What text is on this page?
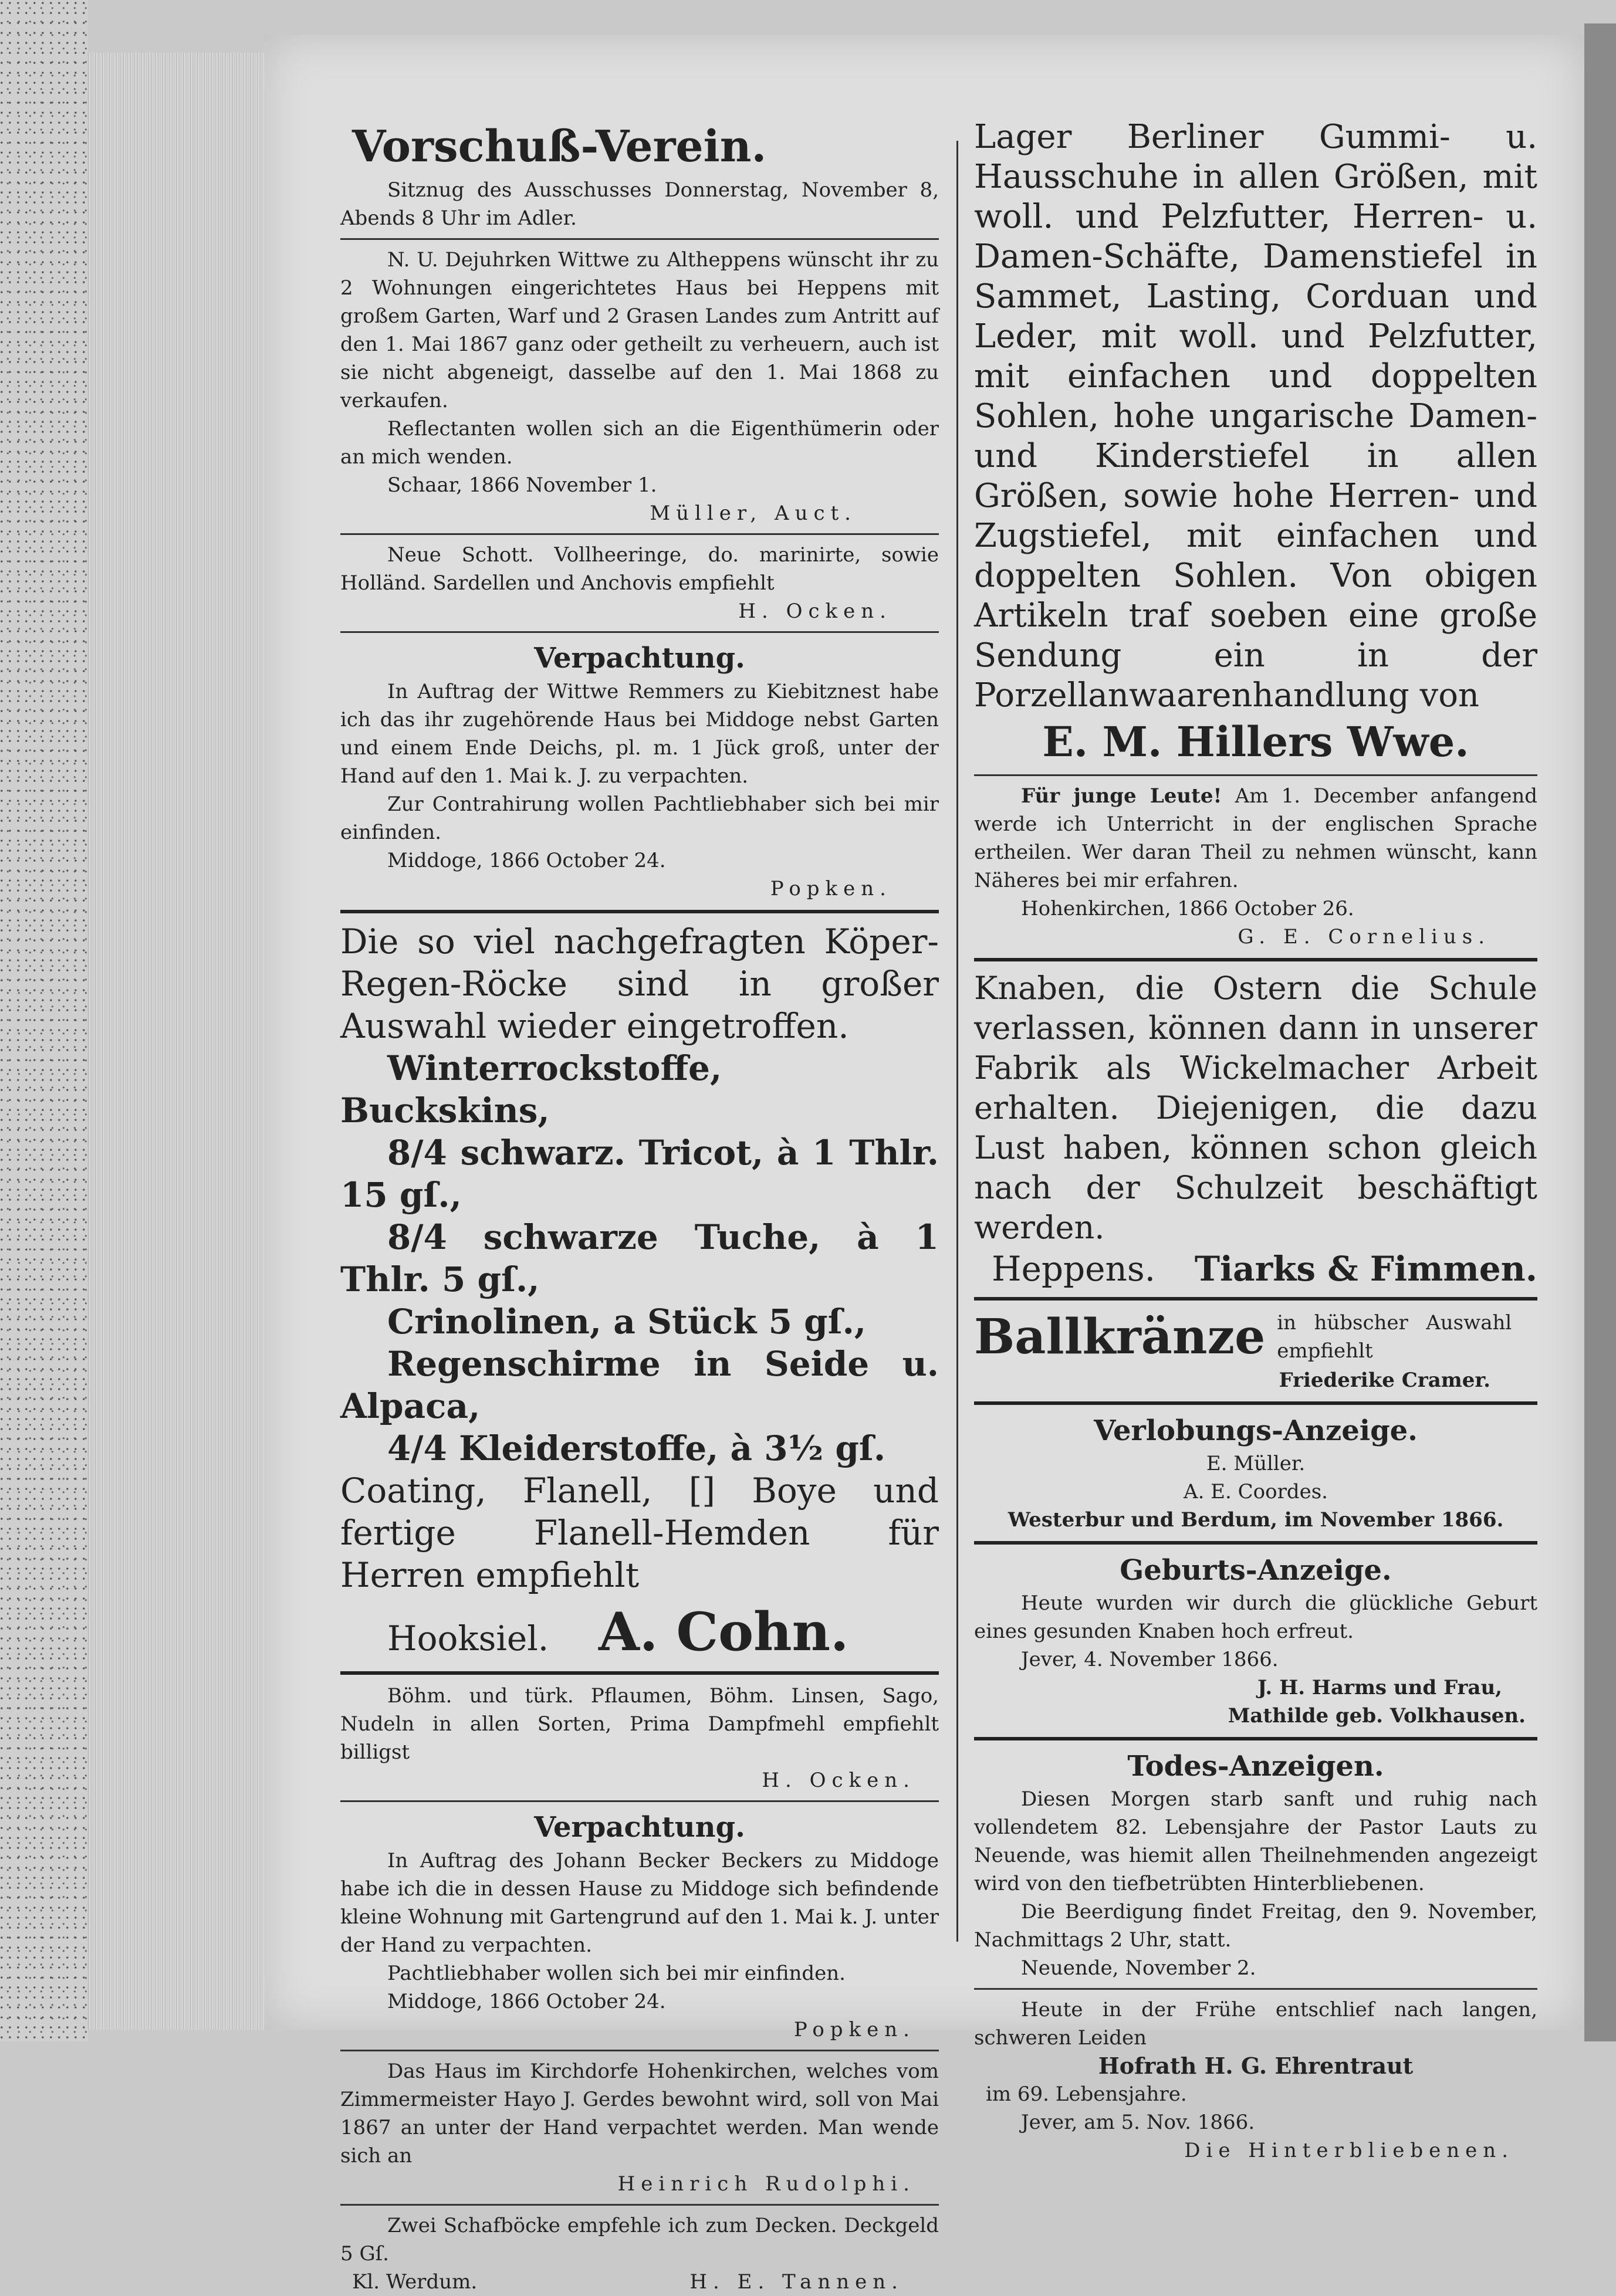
Vorschuß-Verein.
Sitznug des Ausschusses Donnerstag, November 8, Abends 8 Uhr im Adler.
N. U. Dejuhrken Wittwe zu Altheppens wünscht ihr zu 2 Wohnungen eingerichtetes Haus bei Heppens mit großem Garten, Warf und 2 Grasen Landes zum Antritt auf den 1. Mai 1867 ganz oder getheilt zu verheuern, auch ist sie nicht abgeneigt, dasselbe auf den 1. Mai 1868 zu verkaufen.
Reflectanten wollen sich an die Eigenthümerin oder an mich wenden.
Schaar, 1866 November 1.
Müller, Auct.
Neue Schott. Vollheeringe, do. marinirte, sowie Holländ. Sardellen und Anchovis empfiehlt
H. Ocken.
Verpachtung.
In Auftrag der Wittwe Remmers zu Kiebitznest habe ich das ihr zugehörende Haus bei Middoge nebst Garten und einem Ende Deichs, pl. m. 1 Jück groß, unter der Hand auf den 1. Mai k. J. zu verpachten.
Zur Contrahirung wollen Pachtliebhaber sich bei mir einfinden.
Middoge, 1866 October 24.
Popken.
Die so viel nachgefragten Köper-Regen-Röcke sind in großer Auswahl wieder eingetroffen.
Winterrockstoffe, Buckskins,
8/4 schwarz. Tricot, à 1 Thlr. 15 gſ.,
8/4 schwarze Tuche, à 1 Thlr. 5 gſ.,
Crinolinen, a Stück 5 gſ.,
Regenschirme in Seide u. Alpaca,
4/4 Kleiderstoffe, à 3½ gſ.
Coating, Flanell, [] Boye und fertige Flanell-Hemden für Herren empfiehlt
Hooksiel. A. Cohn.
Böhm. und türk. Pflaumen, Böhm. Linsen, Sago, Nudeln in allen Sorten, Prima Dampfmehl empfiehlt billigst
H. Ocken.
Verpachtung.
In Auftrag des Johann Becker Beckers zu Middoge habe ich die in dessen Hause zu Middoge sich befindende kleine Wohnung mit Gartengrund auf den 1. Mai k. J. unter der Hand zu verpachten.
Pachtliebhaber wollen sich bei mir einfinden.
Middoge, 1866 October 24.
Popken.
Das Haus im Kirchdorfe Hohenkirchen, welches vom Zimmermeister Hayo J. Gerdes bewohnt wird, soll von Mai 1867 an unter der Hand verpachtet werden. Man wende sich an
Heinrich Rudolphi.
Zwei Schafböcke empfehle ich zum Decken. Deckgeld 5 Gſ.
Kl. Werdum.	H. E. Tannen.
Lager Berliner Gummi- u. Hausschuhe in allen Größen, mit woll. und Pelzfutter, Herren- u. Damen-Schäfte, Damenstiefel in Sammet, Lasting, Corduan und Leder, mit woll. und Pelzfutter, mit einfachen und doppelten Sohlen, hohe ungarische Damen- und Kinderstiefel in allen Größen, sowie hohe Herren- und Zugstiefel, mit einfachen und doppelten Sohlen. Von obigen Artikeln traf soeben eine große Sendung ein in der Porzellanwaarenhandlung von
E. M. Hillers Wwe.
Für junge Leute! Am 1. December anfangend werde ich Unterricht in der englischen Sprache ertheilen. Wer daran Theil zu nehmen wünscht, kann Näheres bei mir erfahren.
Hohenkirchen, 1866 October 26.
G. E. Cornelius.
Knaben, die Ostern die Schule verlassen, können dann in unserer Fabrik als Wickelmacher Arbeit erhalten. Diejenigen, die dazu Lust haben, können schon gleich nach der Schulzeit beschäftigt werden.
Heppens. Tiarks & Fimmen.
Ballkränze in hübscher Auswahl empfiehlt
Friederike Cramer.
Verlobungs-Anzeige.
E. Müller.
A. E. Coordes.
Westerbur und Berdum, im November 1866.
Geburts-Anzeige.
Heute wurden wir durch die glückliche Geburt eines gesunden Knaben hoch erfreut.
Jever, 4. November 1866.
J. H. Harms und Frau,
Mathilde geb. Volkhausen.
Todes-Anzeigen.
Diesen Morgen starb sanft und ruhig nach vollendetem 82. Lebensjahre der Pastor Lauts zu Neuende, was hiemit allen Theilnehmenden angezeigt wird von den tiefbetrübten Hinterbliebenen.
Die Beerdigung findet Freitag, den 9. November, Nachmittags 2 Uhr, statt.
Neuende, November 2.
Heute in der Frühe entschlief nach langen, schweren Leiden
Hofrath H. G. Ehrentraut
im 69. Lebensjahre.
Jever, am 5. Nov. 1866.
Die Hinterbliebenen.
